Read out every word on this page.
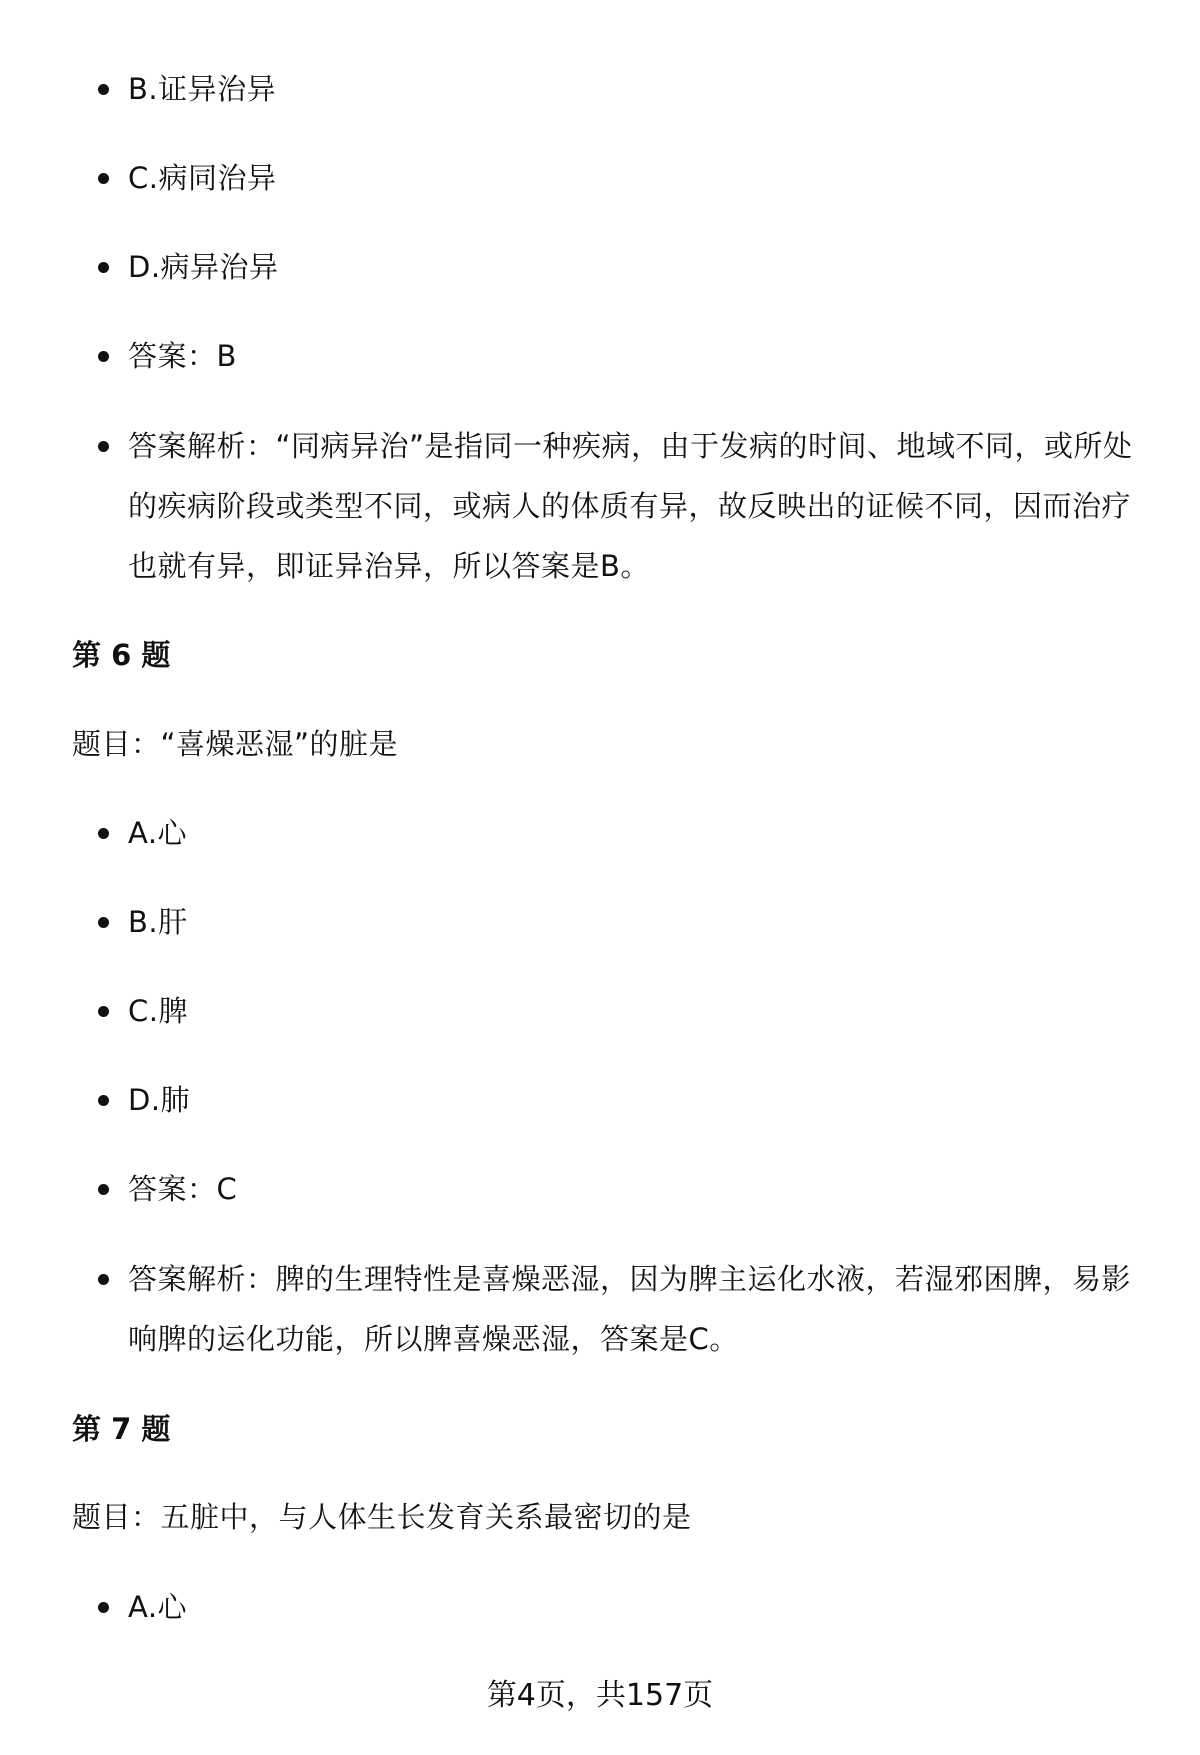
B.证异治异
C.病同治异
D.病异治异
答案：B
答案解析：“同病异治”是指同一种疾病，由于发病的时间、地域不同，或所处的疾病阶段或类型不同，或病人的体质有异，故反映出的证候不同，因而治疗也就有异，即证异治异，所以答案是B。
第 6 题
题目：“喜燥恶湿”的脏是
A.心
B.肝
C.脾
D.肺
答案：C
答案解析：脾的生理特性是喜燥恶湿，因为脾主运化水液，若湿邪困脾，易影响脾的运化功能，所以脾喜燥恶湿，答案是C。
第 7 题
题目：五脏中，与人体生长发育关系最密切的是
A.心
第4页，共157页
